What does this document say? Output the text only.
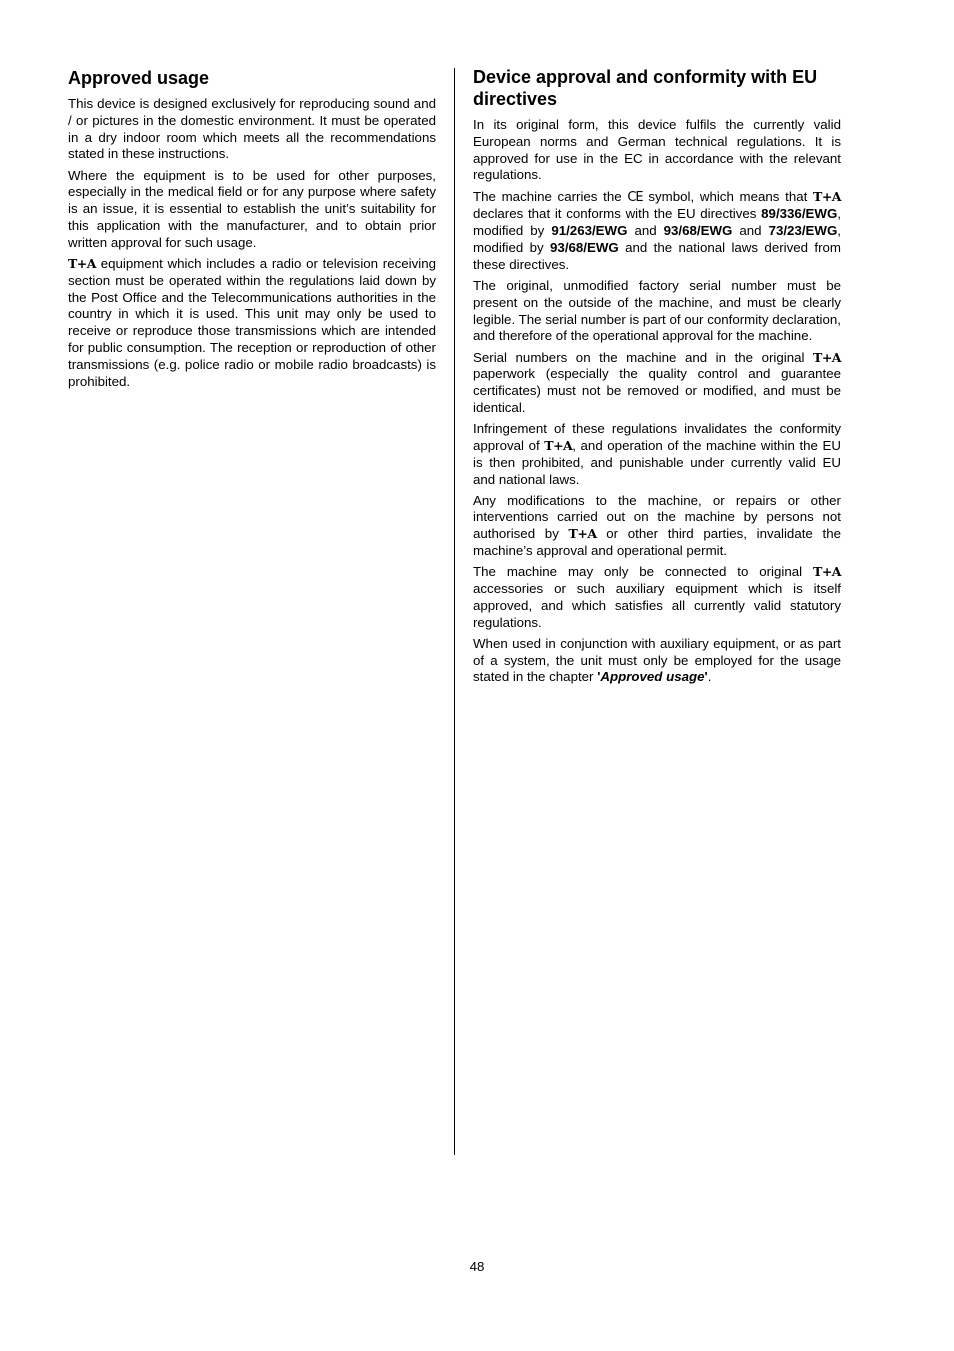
Approved usage

This device is designed exclusively for reproducing sound and / or pictures in the domestic environment. It must be operated in a dry indoor room which meets all the recommendations stated in these instructions.

Where the equipment is to be used for other purposes, especially in the medical field or for any purpose where safety is an issue, it is essential to establish the unit’s suitability for this application with the manufacturer, and to obtain prior written approval for such usage.

T+A equipment which includes a radio or television receiving section must be operated within the regulations laid down by the Post Office and the Telecommunications authorities in the country in which it is used. This unit may only be used to receive or reproduce those transmissions which are intended for public consumption. The reception or reproduction of other transmissions (e.g. police radio or mobile radio broadcasts) is prohibited.

Device approval and conformity with EU directives

In its original form, this device fulfils the currently valid European norms and German technical regulations. It is approved for use in the EC in accordance with the relevant regulations.

The machine carries the CE symbol, which means that T+A declares that it conforms with the EU directives 89/336/EWG, modified by 91/263/EWG and 93/68/EWG and 73/23/EWG, modified by 93/68/EWG and the national laws derived from these directives.

The original, unmodified factory serial number must be present on the outside of the machine, and must be clearly legible. The serial number is part of our conformity declaration, and therefore of the operational approval for the machine.

Serial numbers on the machine and in the original T+A paperwork (especially the quality control and guarantee certificates) must not be removed or modified, and must be identical.

Infringement of these regulations invalidates the conformity approval of T+A, and operation of the machine within the EU is then prohibited, and punishable under currently valid EU and national laws.

Any modifications to the machine, or repairs or other interventions carried out on the machine by persons not authorised by T+A or other third parties, invalidate the machine’s approval and operational permit.

The machine may only be connected to original T+A accessories or such auxiliary equipment which is itself approved, and which satisfies all currently valid statutory regulations.

When used in conjunction with auxiliary equipment, or as part of a system, the unit must only be employed for the usage stated in the chapter 'Approved usage'.

48
